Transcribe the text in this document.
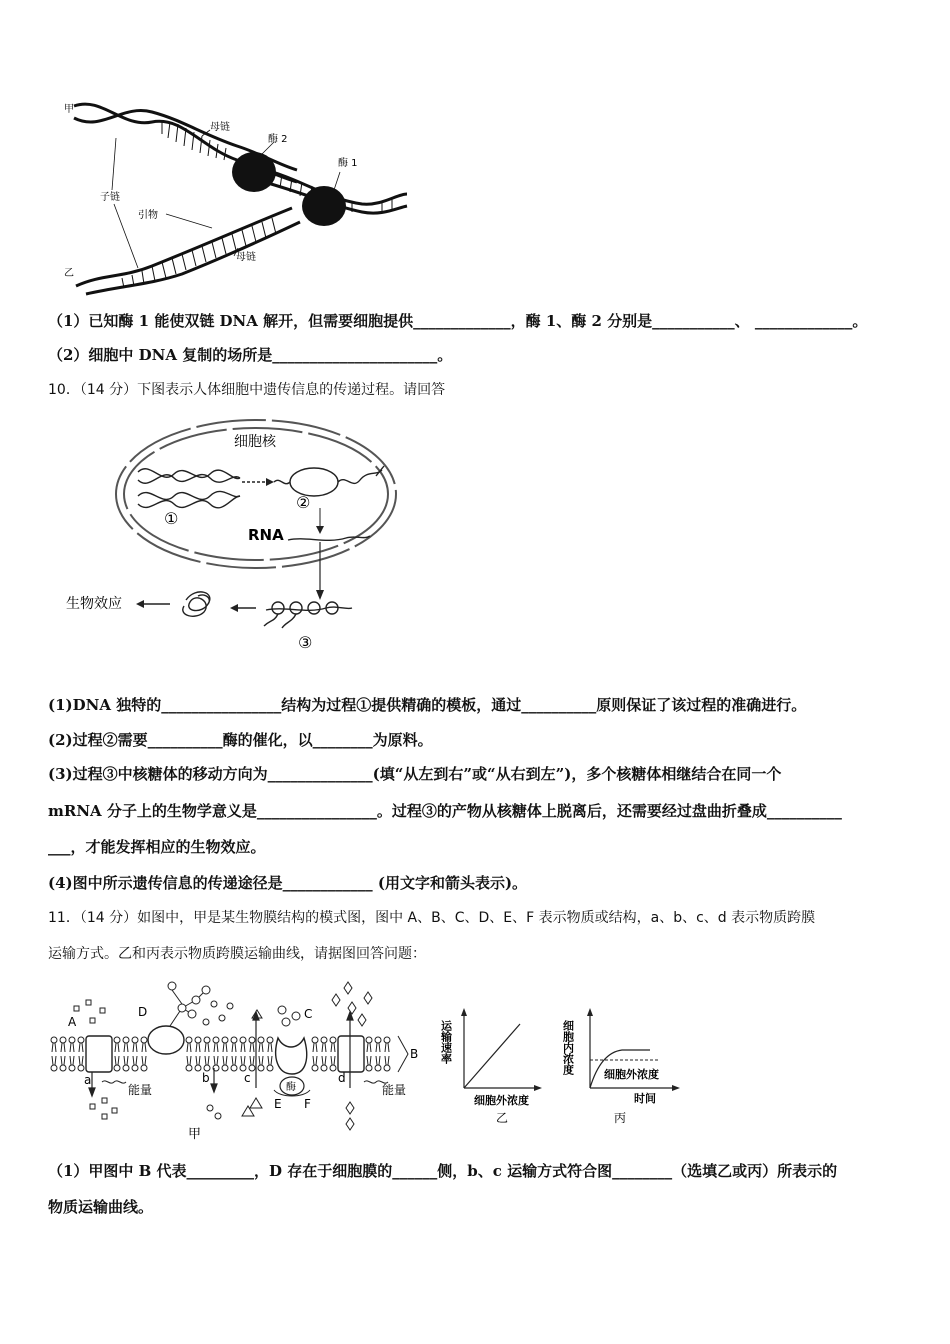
甲
乙
母链
酶 2
酶 1
子链
引物
母链
（1）已知酶 1 能使双链 DNA 解开，但需要细胞提供_____________，酶 1、酶 2 分别是___________、 _____________。
（2）细胞中 DNA 复制的场所是______________________。
10．（14 分）下图表示人体细胞中遗传信息的传递过程。请回答
细胞核
①
②
RNA
③
生物效应
(1)DNA 独特的________________结构为过程①提供精确的模板，通过__________原则保证了该过程的准确进行。
(2)过程②需要__________酶的催化，以________为原料。
(3)过程③中核糖体的移动方向为______________(填“从左到右”或“从右到左”)，多个核糖体相继结合在同一个
mRNA 分子上的生物学意义是________________。过程③的产物从核糖体上脱离后，还需要经过盘曲折叠成__________
___，才能发挥相应的生物效应。
(4)图中所示遗传信息的传递途径是____________ (用文字和箭头表示)。
11．（14 分）如图中，甲是某生物膜结构的模式图，图中 A、B、C、D、E、F 表示物质或结构，a、b、c、d 表示物质跨膜
运输方式。乙和丙表示物质跨膜运输曲线，请据图回答问题：
A
D	C
B
a	b	c	d
能量	能量
酶
E F
甲
运输速率
细胞外浓度
乙
细胞内浓度	细胞外浓度
时间
丙
（1）甲图中 B 代表_________，D 存在于细胞膜的______侧，b、c 运输方式符合图________（选填乙或丙）所表示的
物质运输曲线。
